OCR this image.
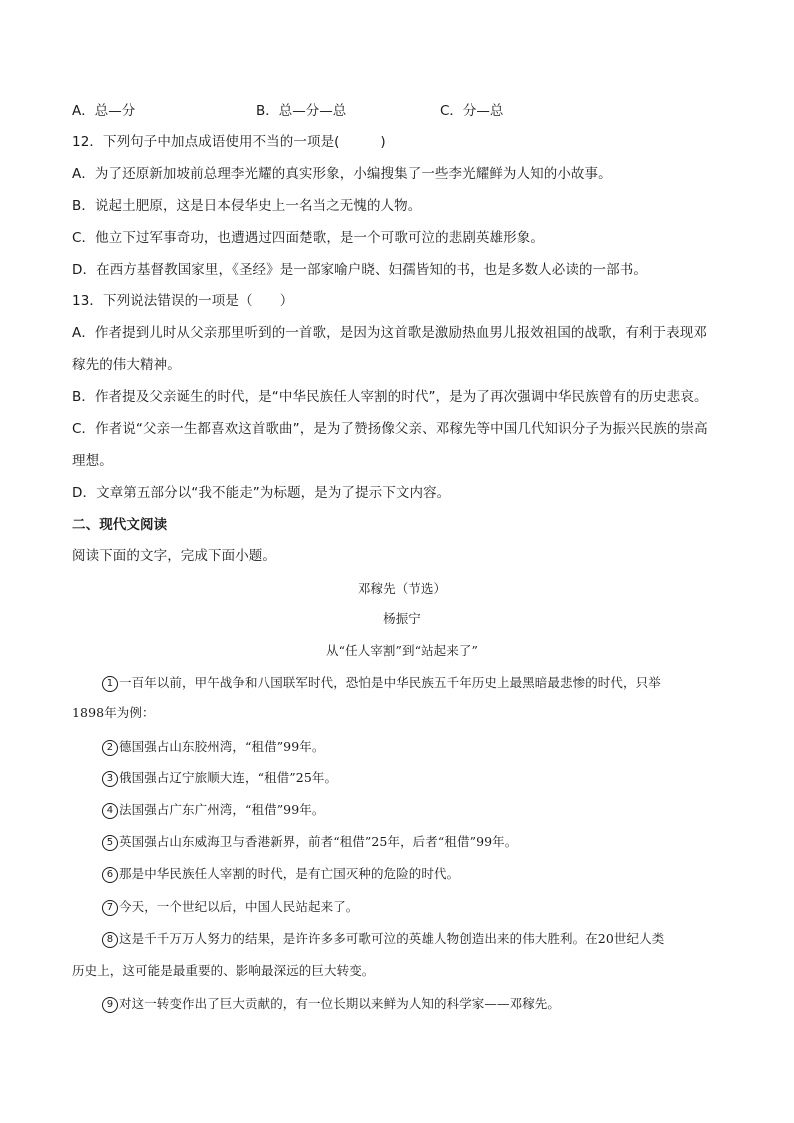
A．总—分	B．总—分—总	C．分—总
12．下列句子中加点成语使用不当的一项是(　　　)
A．为了还原新加坡前总理李光耀的真实形象，小编搜集了一些李光耀鲜为人知的小故事。
B．说起土肥原，这是日本侵华史上一名当之无愧的人物。
C．他立下过军事奇功，也遭遇过四面楚歌，是一个可歌可泣的悲剧英雄形象。
D．在西方基督教国家里，《圣经》是一部家喻户晓、妇孺皆知的书，也是多数人必读的一部书。
13．下列说法错误的一项是（　　）
A．作者提到儿时从父亲那里听到的一首歌，是因为这首歌是激励热血男儿报效祖国的战歌，有利于表现邓
稼先的伟大精神。
B．作者提及父亲诞生的时代，是“中华民族任人宰割的时代”，是为了再次强调中华民族曾有的历史悲哀。
C．作者说“父亲一生都喜欢这首歌曲”，是为了赞扬像父亲、邓稼先等中国几代知识分子为振兴民族的崇高
理想。
D．文章第五部分以“我不能走”为标题，是为了提示下文内容。
二、现代文阅读
阅读下面的文字，完成下面小题。
邓稼先（节选）
杨振宁
从“任人宰割”到“站起来了”
1 一百年以前，甲午战争和八国联军时代，恐怕是中华民族五千年历史上最黑暗最悲惨的时代，只举
1898年为例：
2 德国强占山东胶州湾，“租借”99年。
3 俄国强占辽宁旅顺大连，“租借”25年。
4 法国强占广东广州湾，“租借”99年。
5 英国强占山东威海卫与香港新界，前者“租借”25年，后者“租借”99年。
6 那是中华民族任人宰割的时代，是有亡国灭种的危险的时代。
7 今天，一个世纪以后，中国人民站起来了。
8 这是千千万万人努力的结果，是许许多多可歌可泣的英雄人物创造出来的伟大胜利。在20世纪人类
历史上，这可能是最重要的、影响最深远的巨大转变。
9 对这一转变作出了巨大贡献的，有一位长期以来鲜为人知的科学家——邓稼先。
